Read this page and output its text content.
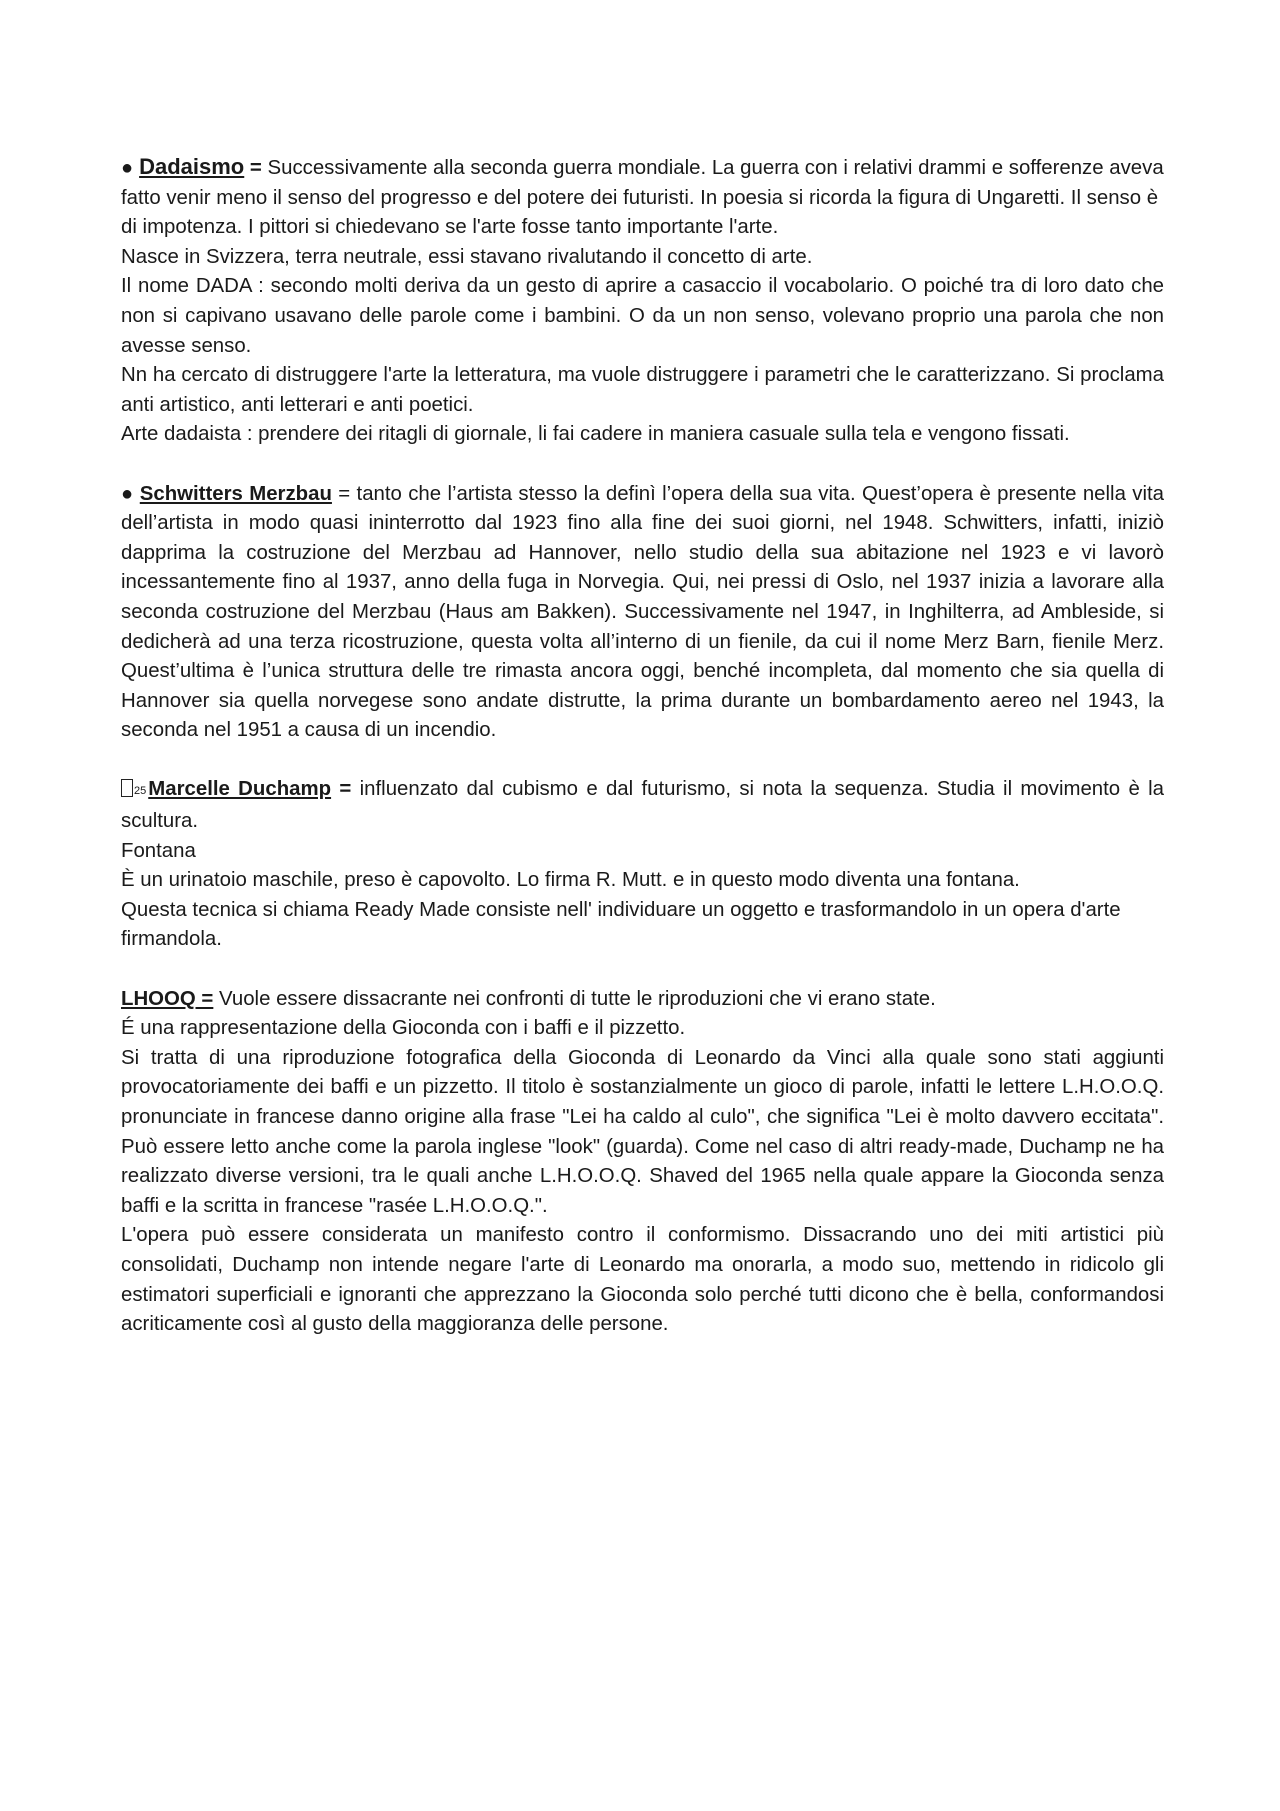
● Dadaismo = Successivamente alla seconda guerra mondiale. La guerra con i relativi drammi e sofferenze aveva fatto venir meno il senso del progresso e del potere dei futuristi. In poesia si ricorda la figura di Ungaretti. Il senso è di impotenza. I pittori si chiedevano se l'arte fosse tanto importante l'arte.

Nasce in Svizzera, terra neutrale, essi stavano rivalutando il concetto di arte.

Il nome DADA : secondo molti deriva da un gesto di aprire a casaccio il vocabolario. O poiché tra di loro dato che non si capivano usavano delle parole come i bambini. O da un non senso, volevano proprio una parola che non avesse senso.

Nn ha cercato di distruggere l'arte la letteratura, ma vuole distruggere i parametri che le caratterizzano. Si proclama anti artistico, anti letterari e anti poetici.

Arte dadaista : prendere dei ritagli di giornale, li fai cadere in maniera casuale sulla tela e vengono fissati.

● Schwitters Merzbau = tanto che l’artista stesso la definì l’opera della sua vita. Quest’opera è presente nella vita dell’artista in modo quasi ininterrotto dal 1923 fino alla fine dei suoi giorni, nel 1948. Schwitters, infatti, iniziò dapprima la costruzione del Merzbau ad Hannover, nello studio della sua abitazione nel 1923 e vi lavorò incessantemente fino al 1937, anno della fuga in Norvegia. Qui, nei pressi di Oslo, nel 1937 inizia a lavorare alla seconda costruzione del Merzbau (Haus am Bakken). Successivamente nel 1947, in Inghilterra, ad Ambleside, si dedicherà ad una terza ricostruzione, questa volta all’interno di un fienile, da cui il nome Merz Barn, fienile Merz. Quest’ultima è l’unica struttura delle tre rimasta ancora oggi, benché incompleta, dal momento che sia quella di Hannover sia quella norvegese sono andate distrutte, la prima durante un bombardamento aereo nel 1943, la seconda nel 1951 a causa di un incendio.

25Marcelle Duchamp = influenzato dal cubismo e dal futurismo, si nota la sequenza. Studia il movimento è la scultura.

Fontana

È un urinatoio maschile, preso è capovolto. Lo firma R. Mutt. e in questo modo diventa una fontana.

Questa tecnica si chiama Ready Made consiste nell' individuare un oggetto e trasformandolo in un opera d'arte firmandola.

LHOOQ = Vuole essere dissacrante nei confronti di tutte le riproduzioni che vi erano state.

É una rappresentazione della Gioconda con i baffi e il pizzetto.

Si tratta di una riproduzione fotografica della Gioconda di Leonardo da Vinci alla quale sono stati aggiunti provocatoriamente dei baffi e un pizzetto. Il titolo è sostanzialmente un gioco di parole, infatti le lettere L.H.O.O.Q. pronunciate in francese danno origine alla frase "Lei ha caldo al culo", che significa "Lei è molto davvero eccitata". Può essere letto anche come la parola inglese "look" (guarda). Come nel caso di altri ready-made, Duchamp ne ha realizzato diverse versioni, tra le quali anche L.H.O.O.Q. Shaved del 1965 nella quale appare la Gioconda senza baffi e la scritta in francese "rasée L.H.O.O.Q.".

L'opera può essere considerata un manifesto contro il conformismo. Dissacrando uno dei miti artistici più consolidati, Duchamp non intende negare l'arte di Leonardo ma onorarla, a modo suo, mettendo in ridicolo gli estimatori superficiali e ignoranti che apprezzano la Gioconda solo perché tutti dicono che è bella, conformandosi acriticamente così al gusto della maggioranza delle persone.
